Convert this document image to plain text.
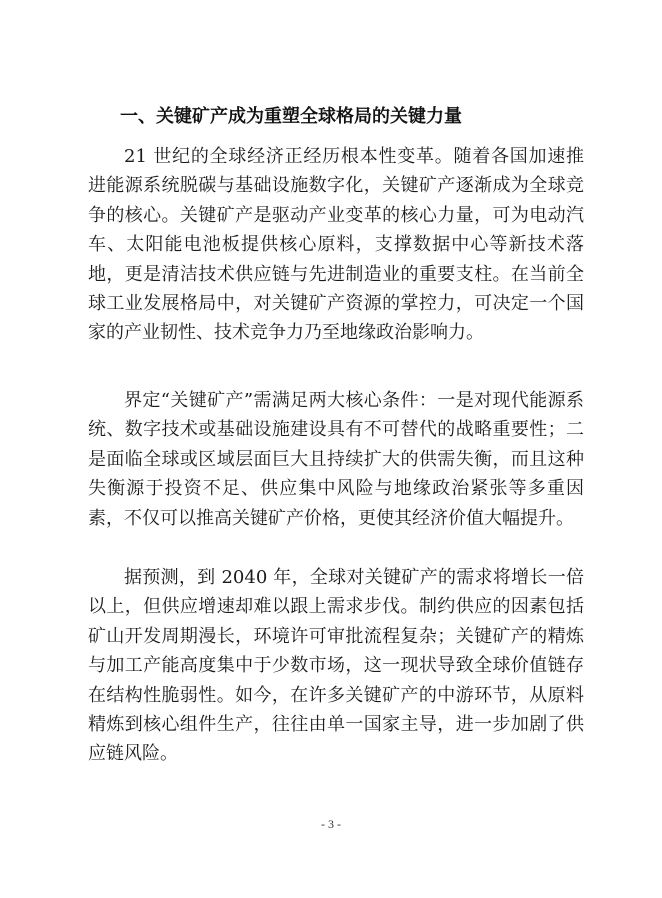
一、关键矿产成为重塑全球格局的关键力量

21 世纪的全球经济正经历根本性变革。随着各国加速推进能源系统脱碳与基础设施数字化，关键矿产逐渐成为全球竞争的核心。关键矿产是驱动产业变革的核心力量，可为电动汽车、太阳能电池板提供核心原料，支撑数据中心等新技术落地，更是清洁技术供应链与先进制造业的重要支柱。在当前全球工业发展格局中，对关键矿产资源的掌控力，可决定一个国家的产业韧性、技术竞争力乃至地缘政治影响力。

界定“关键矿产”需满足两大核心条件：一是对现代能源系统、数字技术或基础设施建设具有不可替代的战略重要性；二是面临全球或区域层面巨大且持续扩大的供需失衡，而且这种失衡源于投资不足、供应集中风险与地缘政治紧张等多重因素，不仅可以推高关键矿产价格，更使其经济价值大幅提升。

据预测，到 2040 年，全球对关键矿产的需求将增长一倍以上，但供应增速却难以跟上需求步伐。制约供应的因素包括矿山开发周期漫长，环境许可审批流程复杂；关键矿产的精炼与加工产能高度集中于少数市场，这一现状导致全球价值链存在结构性脆弱性。如今，在许多关键矿产的中游环节，从原料精炼到核心组件生产，往往由单一国家主导，进一步加剧了供应链风险。

- 3 -
